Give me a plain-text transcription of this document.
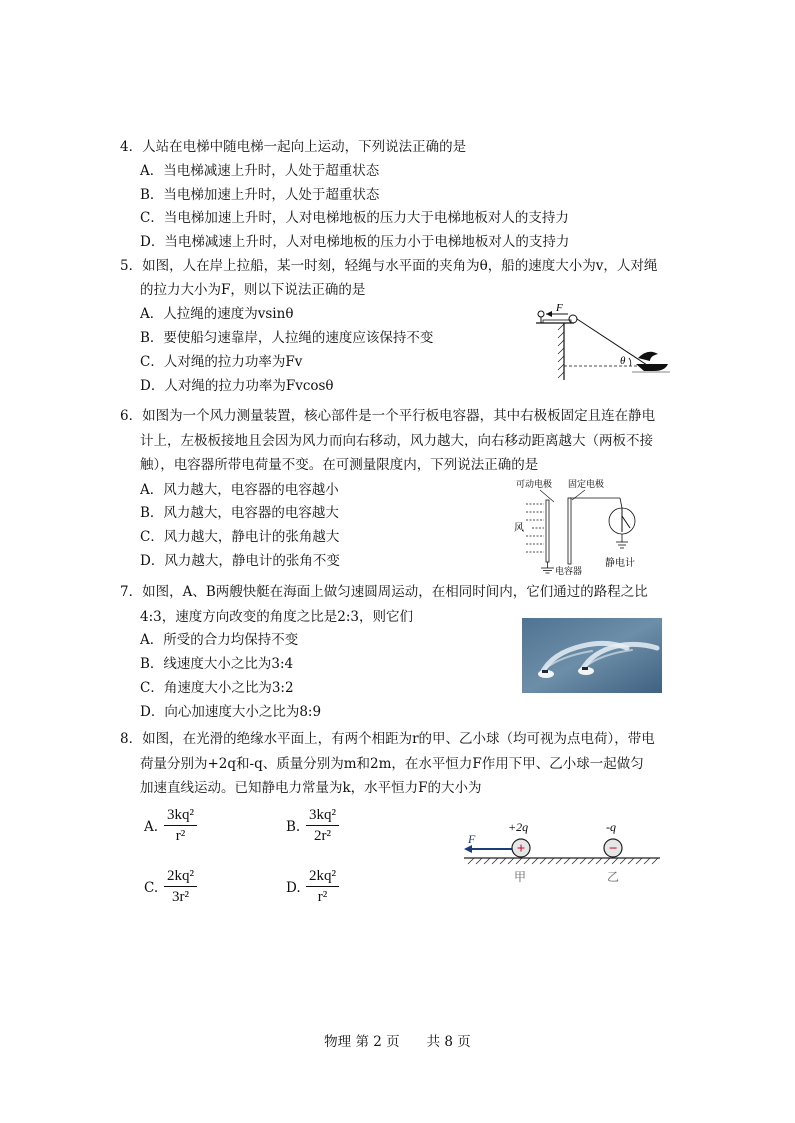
4．人站在电梯中随电梯一起向上运动，下列说法正确的是
A．当电梯减速上升时，人处于超重状态
B．当电梯加速上升时，人处于超重状态
C．当电梯加速上升时，人对电梯地板的压力大于电梯地板对人的支持力
D．当电梯减速上升时，人对电梯地板的压力小于电梯地板对人的支持力
5．如图，人在岸上拉船，某一时刻，轻绳与水平面的夹角为θ，船的速度大小为v，人对绳
的拉力大小为F，则以下说法正确的是
A．人拉绳的速度为vsinθ
B．要使船匀速靠岸，人拉绳的速度应该保持不变
C．人对绳的拉力功率为Fv
D．人对绳的拉力功率为Fvcosθ
F
θ
6．如图为一个风力测量装置，核心部件是一个平行板电容器，其中右极板固定且连在静电
计上，左极板接地且会因为风力而向右移动，风力越大，向右移动距离越大（两板不接
触），电容器所带电荷量不变。在可测量限度内，下列说法正确的是
A．风力越大，电容器的电容越小
B．风力越大，电容器的电容越大
C．风力越大，静电计的张角越大
D．风力越大，静电计的张角不变
可动电极 固定电极
风
电容器
静电计
7．如图，A、B两艘快艇在海面上做匀速圆周运动，在相同时间内，它们通过的路程之比
4:3，速度方向改变的角度之比是2:3，则它们
A．所受的合力均保持不变
B．线速度大小之比为3:4
C．角速度大小之比为3:2
D．向心加速度大小之比为8:9
8．如图，在光滑的绝缘水平面上，有两个相距为r的甲、乙小球（均可视为点电荷），带电
荷量分别为+2q和-q、质量分别为m和2m，在水平恒力F作用下甲、乙小球一起做匀
加速直线运动。已知静电力常量为k，水平恒力F的大小为
A. $\frac{\text{3kq²}}{\text{r²}}$	B. $\frac{\text{3kq²}}{\text{2r²}}$
C. $\frac{\text{2kq²}}{\text{3r²}}$	D. $\frac{\text{2kq²}}{\text{r²}}$
+2q	-q
F
+	−
甲	乙
物理 第 2 页　　共 8 页
